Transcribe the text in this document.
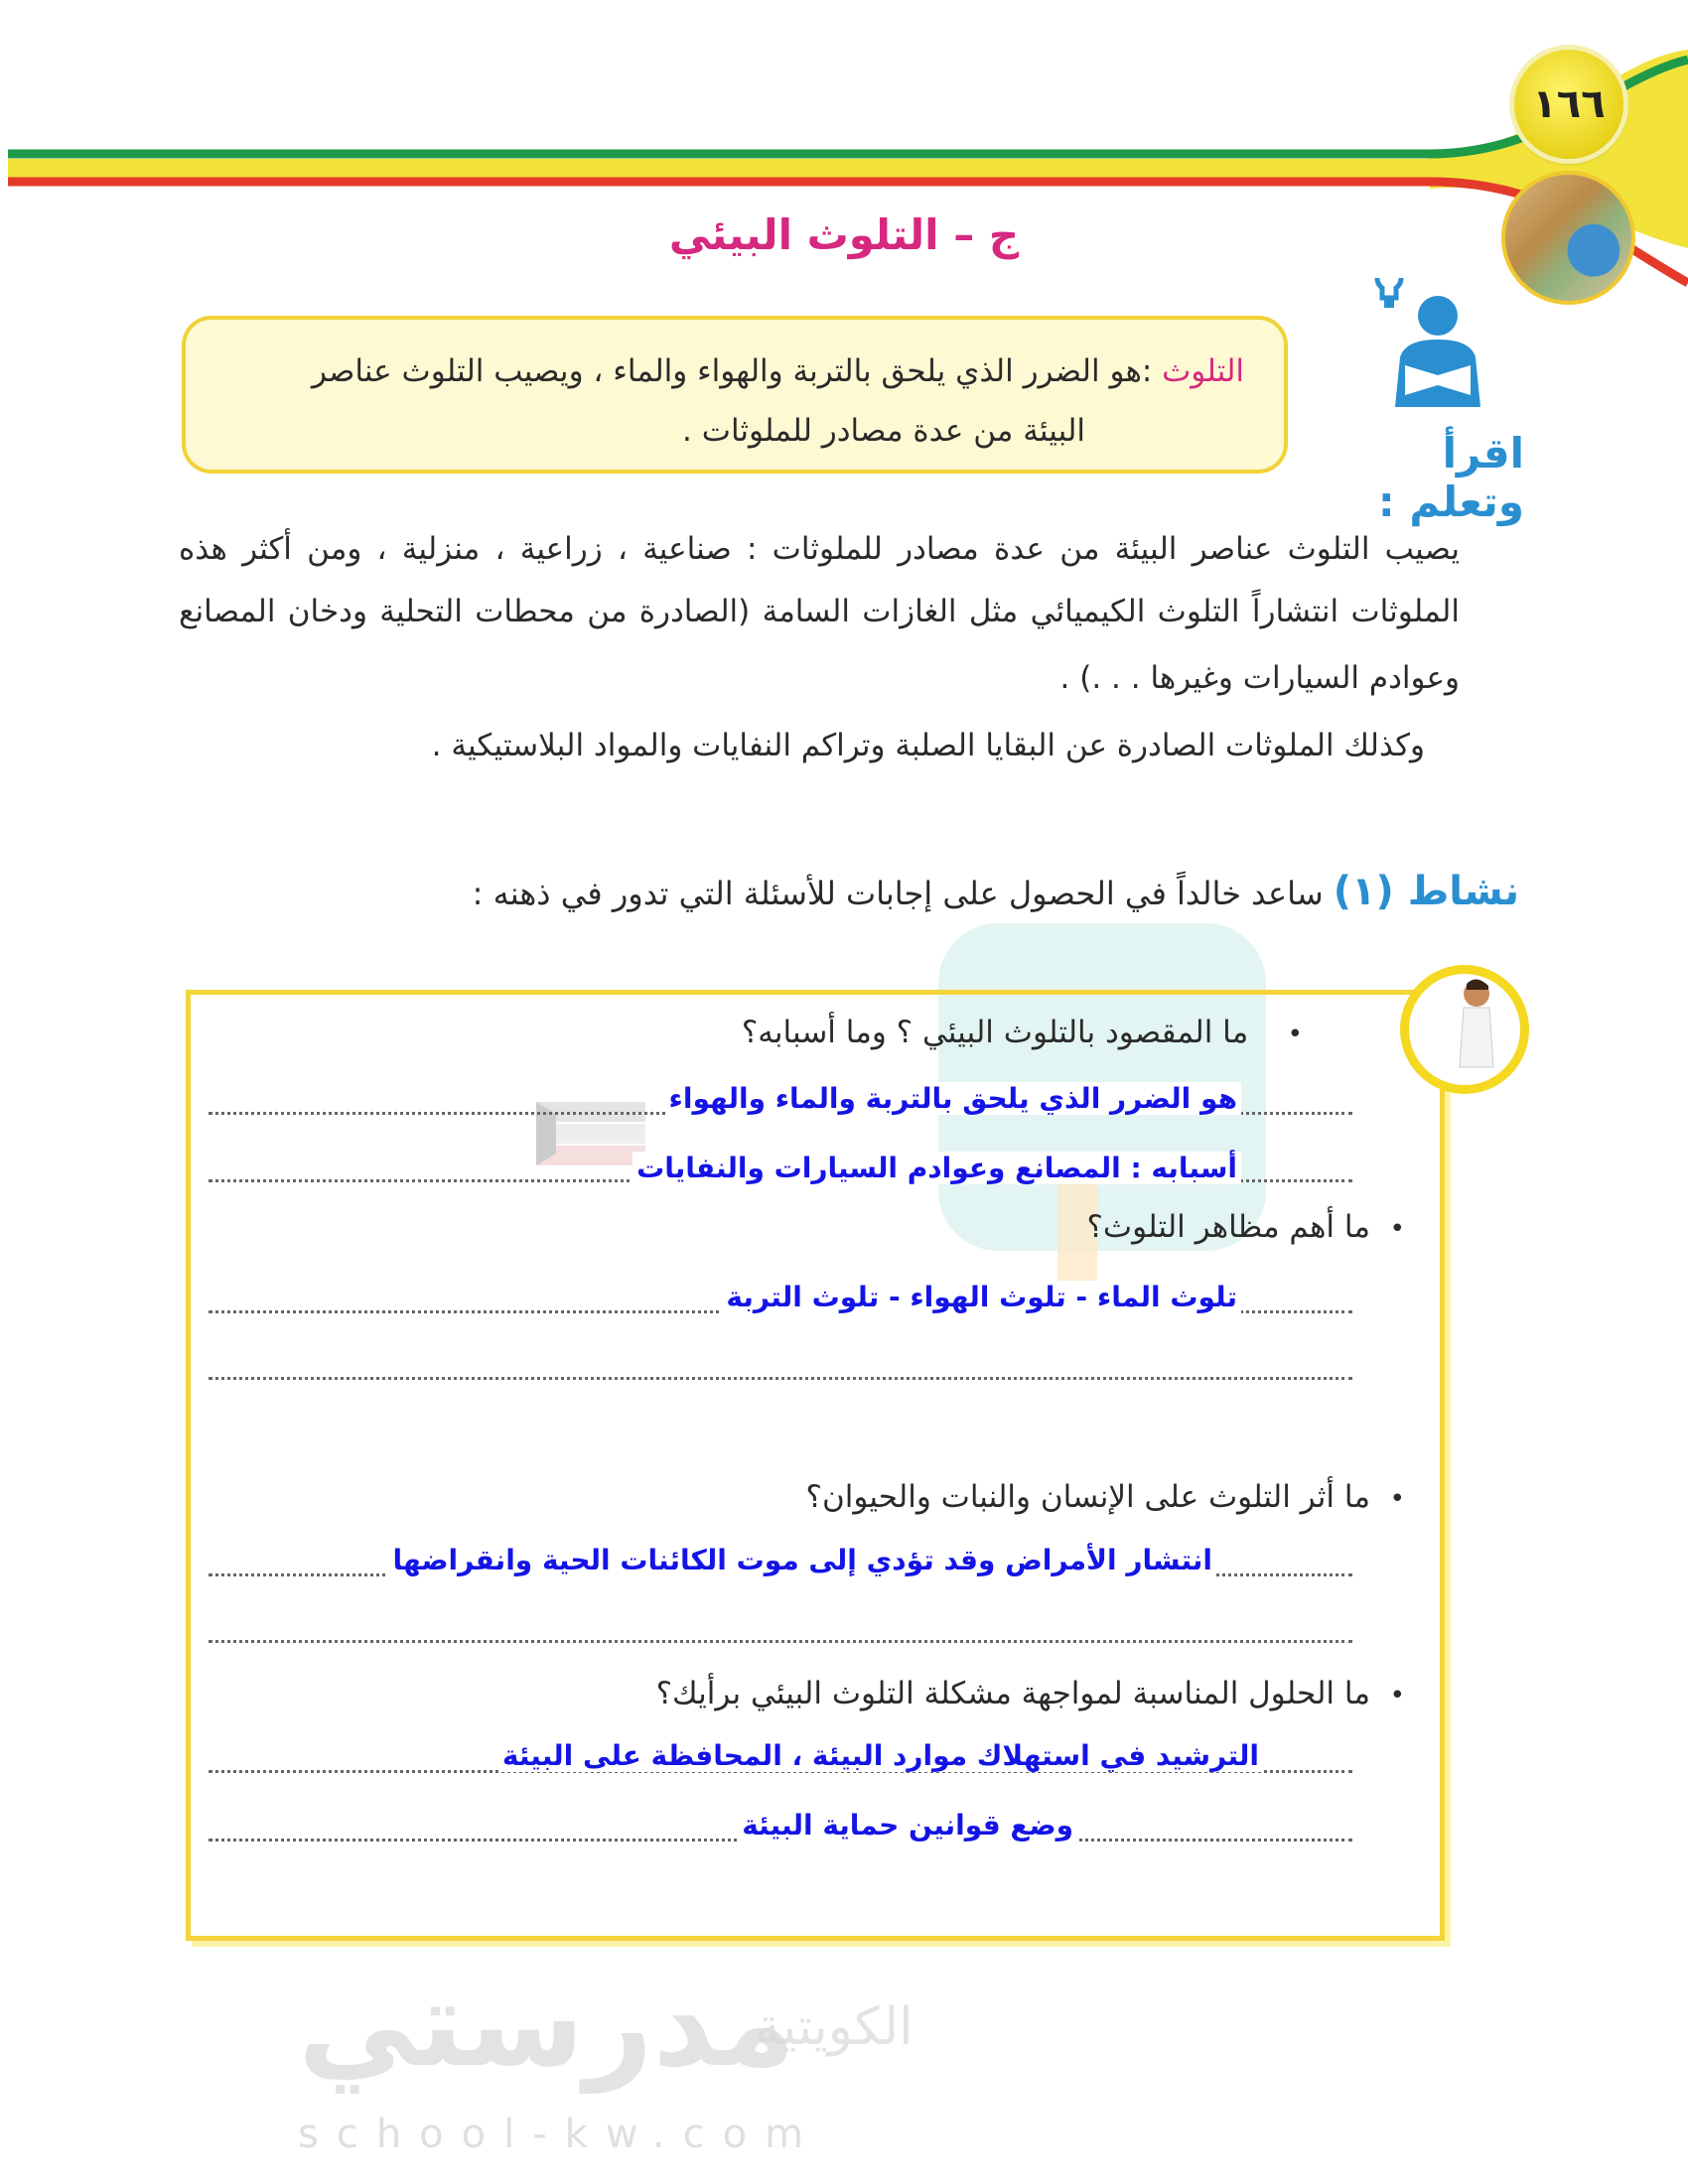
مدرستي
الكويتية
school-kw.com
١٦٦
ج – التلوث البيئي
التلوث :هو الضرر الذي يلحق بالتربة والهواء والماء ، ويصيب التلوث عناصر
البيئة من عدة مصادر للملوثات .	اقرأ وتعلم :
يصيب التلوث عناصر البيئة من عدة مصادر للملوثات : صناعية ، زراعية ، منزلية ، ومن أكثر هذه
الملوثات انتشاراً التلوث الكيميائي مثل الغازات السامة (الصادرة من محطات التحلية ودخان المصانع
وعوادم السيارات وغيرها . . .) .
وكذلك الملوثات الصادرة عن البقايا الصلبة وتراكم النفايات والمواد البلاستيكية .
نشاط (١) ساعد خالداً في الحصول على إجابات للأسئلة التي تدور في ذهنه :
•    ما المقصود بالتلوث البيئي ؟ وما أسبابه؟
هو الضرر الذي يلحق بالتربة والماء والهواء
أسبابه : المصانع وعوادم السيارات والنفايات
•  ما أهم مظاهر التلوث؟
تلوث الماء - تلوث الهواء - تلوث التربة
•  ما أثر التلوث على الإنسان والنبات والحيوان؟
انتشار الأمراض وقد تؤدي إلى موت الكائنات الحية وانقراضها
•  ما الحلول المناسبة لمواجهة مشكلة التلوث البيئي برأيك؟
الترشيد في استهلاك موارد البيئة ، المحافظة على البيئة
وضع قوانين حماية البيئة
